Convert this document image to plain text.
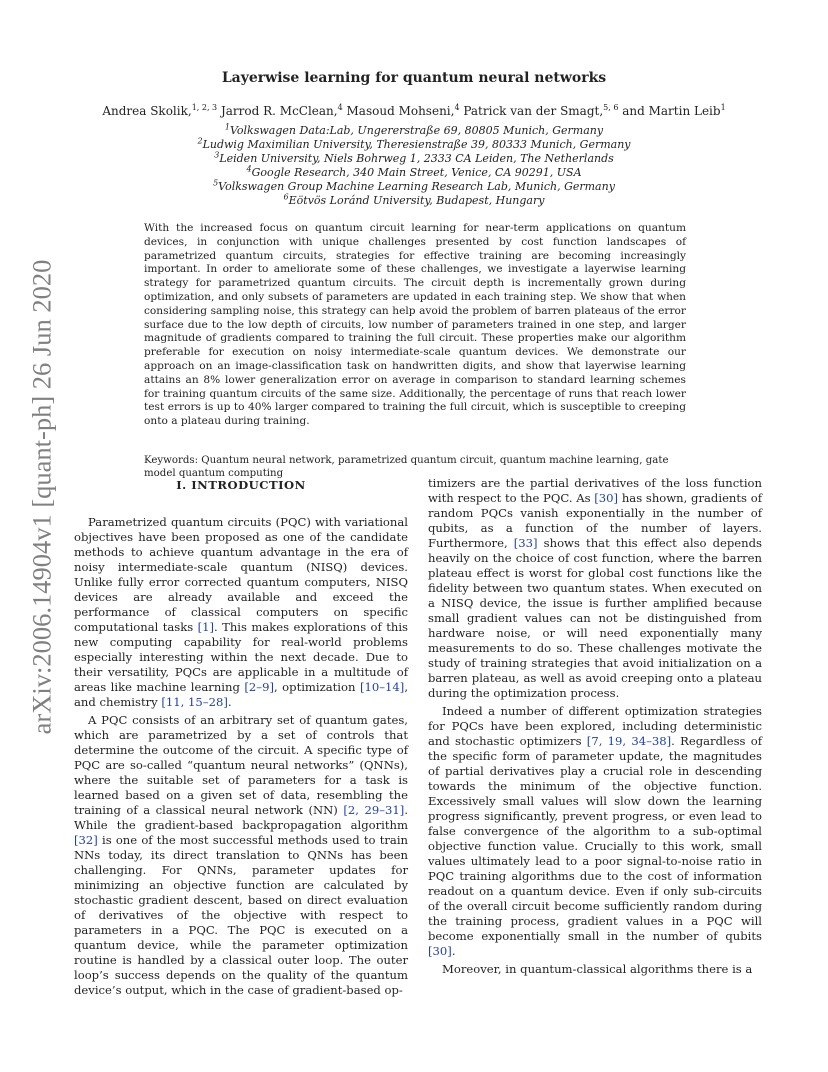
arXiv:2006.14904v1 [quant-ph] 26 Jun 2020
Layerwise learning for quantum neural networks
Andrea Skolik,$^{1, 2, 3}$ Jarrod R. McClean,$^4$ Masoud Mohseni,$^4$ Patrick van der Smagt,$^{5, 6}$ and Martin Leib$^1$
$^1$Volkswagen Data:Lab, Ungererstraße 69, 80805 Munich, Germany
$^2$Ludwig Maximilian University, Theresienstraße 39, 80333 Munich, Germany
$^3$Leiden University, Niels Bohrweg 1, 2333 CA Leiden, The Netherlands
$^4$Google Research, 340 Main Street, Venice, CA 90291, USA
$^5$Volkswagen Group Machine Learning Research Lab, Munich, Germany
$^6$Eötvös Loránd University, Budapest, Hungary
With the increased focus on quantum circuit learning for near-term applications on quantum devices, in conjunction with unique challenges presented by cost function landscapes of parametrized quantum circuits, strategies for effective training are becoming increasingly important. In order to ameliorate some of these challenges, we investigate a layerwise learning strategy for parametrized quantum circuits. The circuit depth is incrementally grown during optimization, and only subsets of parameters are updated in each training step. We show that when considering sampling noise, this strategy can help avoid the problem of barren plateaus of the error surface due to the low depth of circuits, low number of parameters trained in one step, and larger magnitude of gradients compared to training the full circuit. These properties make our algorithm preferable for execution on noisy intermediate-scale quantum devices. We demonstrate our approach on an image-classification task on handwritten digits, and show that layerwise learning attains an 8% lower generalization error on average in comparison to standard learning schemes for training quantum circuits of the same size. Additionally, the percentage of runs that reach lower test errors is up to 40% larger compared to training the full circuit, which is susceptible to creeping onto a plateau during training.
Keywords: Quantum neural network, parametrized quantum circuit, quantum machine learning, gate model quantum computing
I. INTRODUCTION

Parametrized quantum circuits (PQC) with variational objectives have been proposed as one of the candidate methods to achieve quantum advantage in the era of noisy intermediate-scale quantum (NISQ) devices. Unlike fully error corrected quantum computers, NISQ devices are already available and exceed the performance of classical computers on specific computational tasks [1]. This makes explorations of this new computing capability for real-world problems especially interesting within the next decade. Due to their versatility, PQCs are applicable in a multitude of areas like machine learning [2–9], optimization [10–14], and chemistry [11, 15–28].

A PQC consists of an arbitrary set of quantum gates, which are parametrized by a set of controls that determine the outcome of the circuit. A specific type of PQC are so-called “quantum neural networks” (QNNs), where the suitable set of parameters for a task is learned based on a given set of data, resembling the training of a classical neural network (NN) [2, 29–31]. While the gradient-based backpropagation algorithm [32] is one of the most successful methods used to train NNs today, its direct translation to QNNs has been challenging. For QNNs, parameter updates for minimizing an objective function are calculated by stochastic gradient descent, based on direct evaluation of derivatives of the objective with respect to parameters in a PQC. The PQC is executed on a quantum device, while the parameter optimization routine is handled by a classical outer loop. The outer loop’s success depends on the quality of the quantum device’s output, which in the case of gradient-based op-

timizers are the partial derivatives of the loss function with respect to the PQC. As [30] has shown, gradients of random PQCs vanish exponentially in the number of qubits, as a function of the number of layers. Furthermore, [33] shows that this effect also depends heavily on the choice of cost function, where the barren plateau effect is worst for global cost functions like the fidelity between two quantum states. When executed on a NISQ device, the issue is further amplified because small gradient values can not be distinguished from hardware noise, or will need exponentially many measurements to do so. These challenges motivate the study of training strategies that avoid initialization on a barren plateau, as well as avoid creeping onto a plateau during the optimization process.

Indeed a number of different optimization strategies for PQCs have been explored, including deterministic and stochastic optimizers [7, 19, 34–38]. Regardless of the specific form of parameter update, the magnitudes of partial derivatives play a crucial role in descending towards the minimum of the objective function. Excessively small values will slow down the learning progress significantly, prevent progress, or even lead to false convergence of the algorithm to a sub-optimal objective function value. Crucially to this work, small values ultimately lead to a poor signal-to-noise ratio in PQC training algorithms due to the cost of information readout on a quantum device. Even if only sub-circuits of the overall circuit become sufficiently random during the training process, gradient values in a PQC will become exponentially small in the number of qubits [30].

Moreover, in quantum-classical algorithms there is a
